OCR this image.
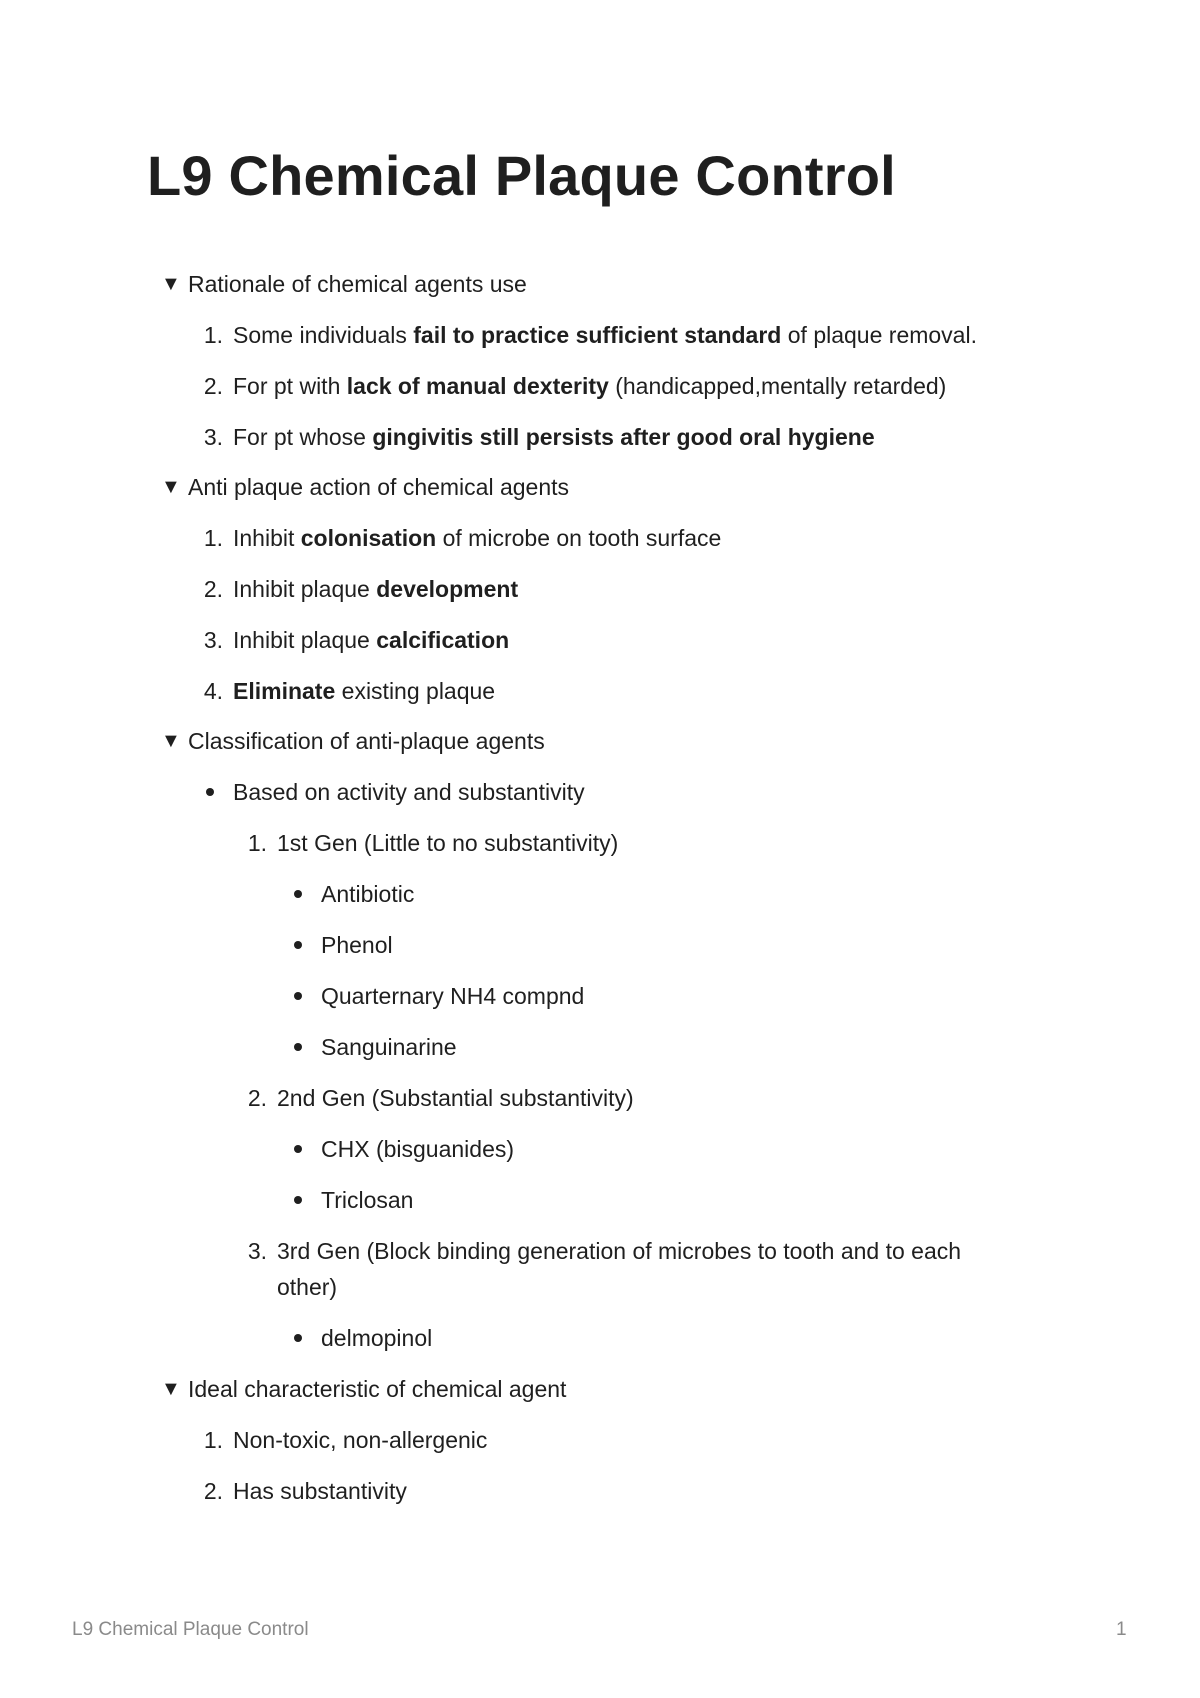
L9 Chemical Plaque Control
▼ Rationale of chemical agents use
1. Some individuals fail to practice sufficient standard of plaque removal.
2. For pt with lack of manual dexterity (handicapped,mentally retarded)
3. For pt whose gingivitis still persists after good oral hygiene
▼ Anti plaque action of chemical agents
1. Inhibit colonisation of microbe on tooth surface
2. Inhibit plaque development
3. Inhibit plaque calcification
4. Eliminate existing plaque
▼ Classification of anti-plaque agents
Based on activity and substantivity
1. 1st Gen (Little to no substantivity)
Antibiotic
Phenol
Quarternary NH4 compnd
Sanguinarine
2. 2nd Gen (Substantial substantivity)
CHX (bisguanides)
Triclosan
3. 3rd Gen (Block binding generation of microbes to tooth and to each
other)
delmopinol
▼ Ideal characteristic of chemical agent
1. Non-toxic, non-allergenic
2. Has substantivity
L9 Chemical Plaque Control	1
